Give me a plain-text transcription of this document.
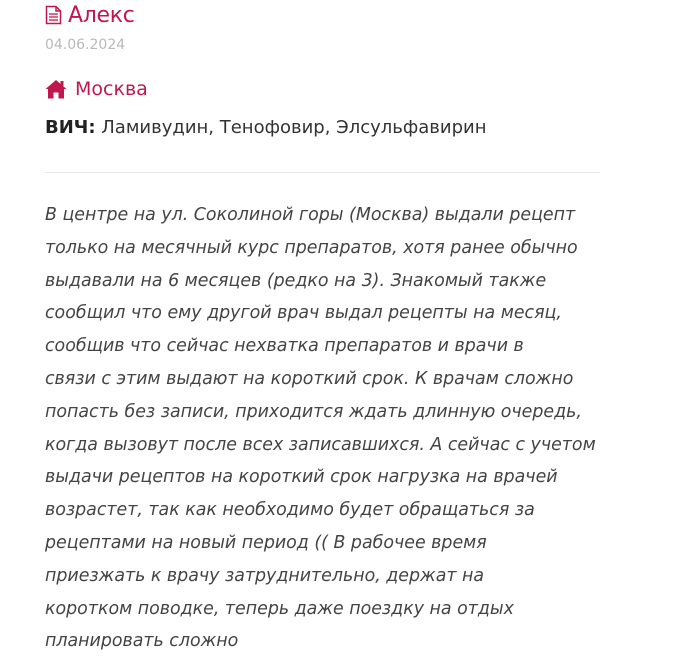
Алекс
04.06.2024
Москва
ВИЧ: Ламивудин, Тенофовир, Элсульфавирин
В центре на ул. Соколиной горы (Москва) выдали рецепт
только на месячный курс препаратов, хотя ранее обычно
выдавали на 6 месяцев (редко на 3). Знакомый также
сообщил что ему другой врач выдал рецепты на месяц,
сообщив что сейчас нехватка препаратов и врачи в
связи с этим выдают на короткий срок. К врачам сложно
попасть без записи, приходится ждать длинную очередь,
когда вызовут после всех записавшихся. А сейчас с учетом
выдачи рецептов на короткий срок нагрузка на врачей
возрастет, так как необходимо будет обращаться за
рецептами на новый период (( В рабочее время
приезжать к врачу затруднительно, держат на
коротком поводке, теперь даже поездку на отдых
планировать сложно
